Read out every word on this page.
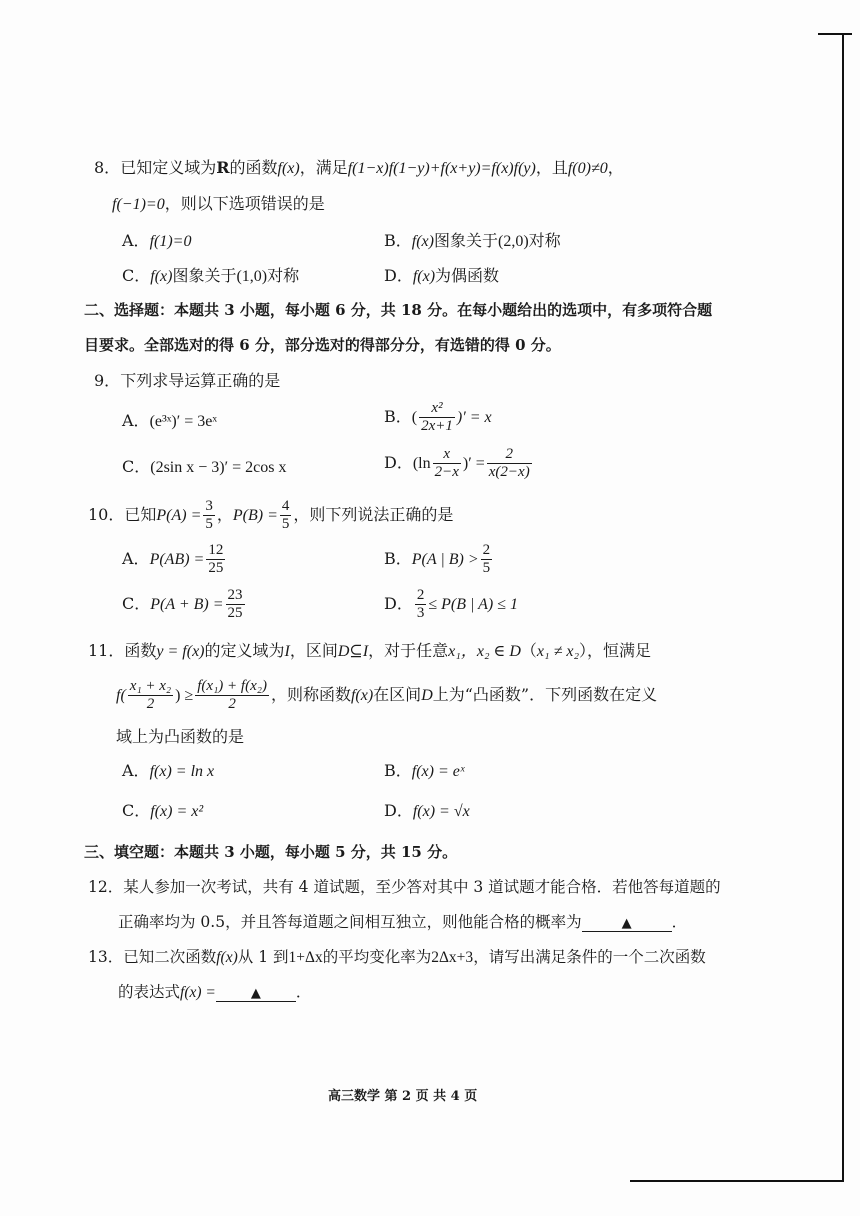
8．已知定义域为R的函数f(x)，满足f(1−x)f(1−y)+f(x+y)=f(x)f(y)，且f(0)≠0，
f(−1)=0，则以下选项错误的是
A．f(1)=0	B．f(x)图象关于(2,0)对称
C．f(x)图象关于(1,0)对称	D．f(x)为偶函数
二、选择题：本题共 3 小题，每小题 6 分，共 18 分。在每小题给出的选项中，有多项符合题
目要求。全部选对的得 6 分，部分选对的得部分分，有选错的得 0 分。
9．下列求导运算正确的是
A．(e³ˣ)′ = 3eˣ	B．( $\frac{\text{x²}}{2x+1}$ )′ = x
C．(2sin x − 3)′ = 2cos x	D．($\ln \frac{x}{2-x}$ )′ = $\frac{2}{x(2-x)}$
10．已知$P(A) = \frac{3}{5}$ ，$P(B) = \frac{4}{5}$ ，则下列说法正确的是
A．$P(AB) = \frac{12}{25}$	B．P(A | $B) > \frac{2}{5}$
C．$P(A + B) = \frac{23}{25}$	D． $\frac{2}{3} \le P(B$ | A) ≤ 1
11．函数y = f(x)的定义域为I，区间D⊆I，对于任意x₁，x₂ ∈ D（x₁ ≠ x₂），恒满足
$f( \frac{\text{x₁ + x₂}}{2}$ ) ≥ $\frac{\text{f(x₁) + f(x₂)}}{2}$ ，则称函数f(x)在区间D上为“凸函数”．下列函数在定义
域上为凸函数的是
A．f(x) = ln x	B．f(x) = eˣ
C．f(x) = x²	D．f(x) = √x
三、填空题：本题共 3 小题，每小题 5 分，共 15 分。
12．某人参加一次考试，共有 4 道试题，至少答对其中 3 道试题才能合格．若他答每道题的
正确率均为 0.5，并且答每道题之间相互独立，则他能合格的概率为	▲	．
13．已知二次函数f(x)从 1 到1+Δx的平均变化率为2Δx+3，请写出满足条件的一个二次函数
的表达式f(x) =	▲ ．
高三数学 第 2 页 共 4 页
